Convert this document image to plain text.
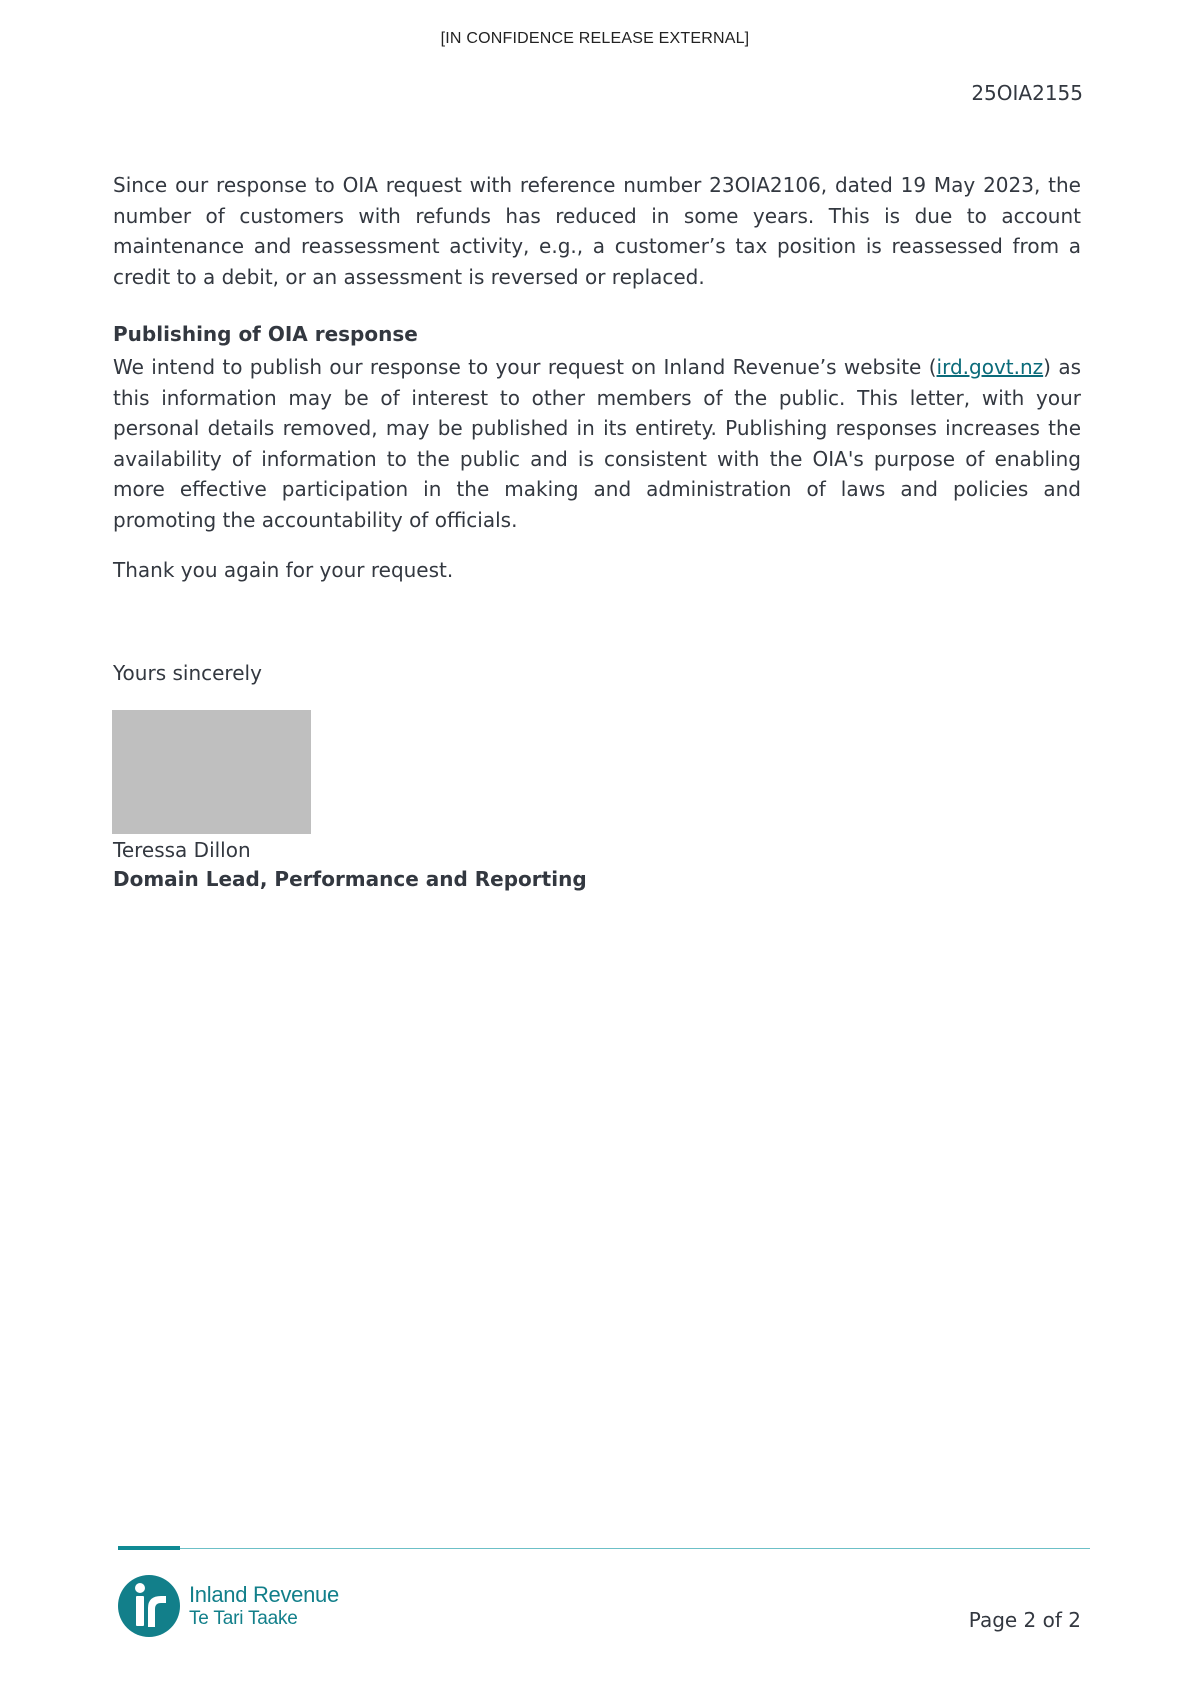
[IN CONFIDENCE RELEASE EXTERNAL]
25OIA2155

Since our response to OIA request with reference number 23OIA2106, dated 19 May 2023, the number of customers with refunds has reduced in some years. This is due to account maintenance and reassessment activity, e.g., a customer’s tax position is reassessed from a credit to a debit, or an assessment is reversed or replaced.

Publishing of OIA response

We intend to publish our response to your request on Inland Revenue’s website (ird.govt.nz) as this information may be of interest to other members of the public. This letter, with your personal details removed, may be published in its entirety. Publishing responses increases the availability of information to the public and is consistent with the OIA's purpose of enabling more effective participation in the making and administration of laws and policies and promoting the accountability of officials.

Thank you again for your request.

Yours sincerely

Teressa Dillon

Domain Lead, Performance and Reporting

Inland Revenue
Te Tari Taake	Page 2 of 2
